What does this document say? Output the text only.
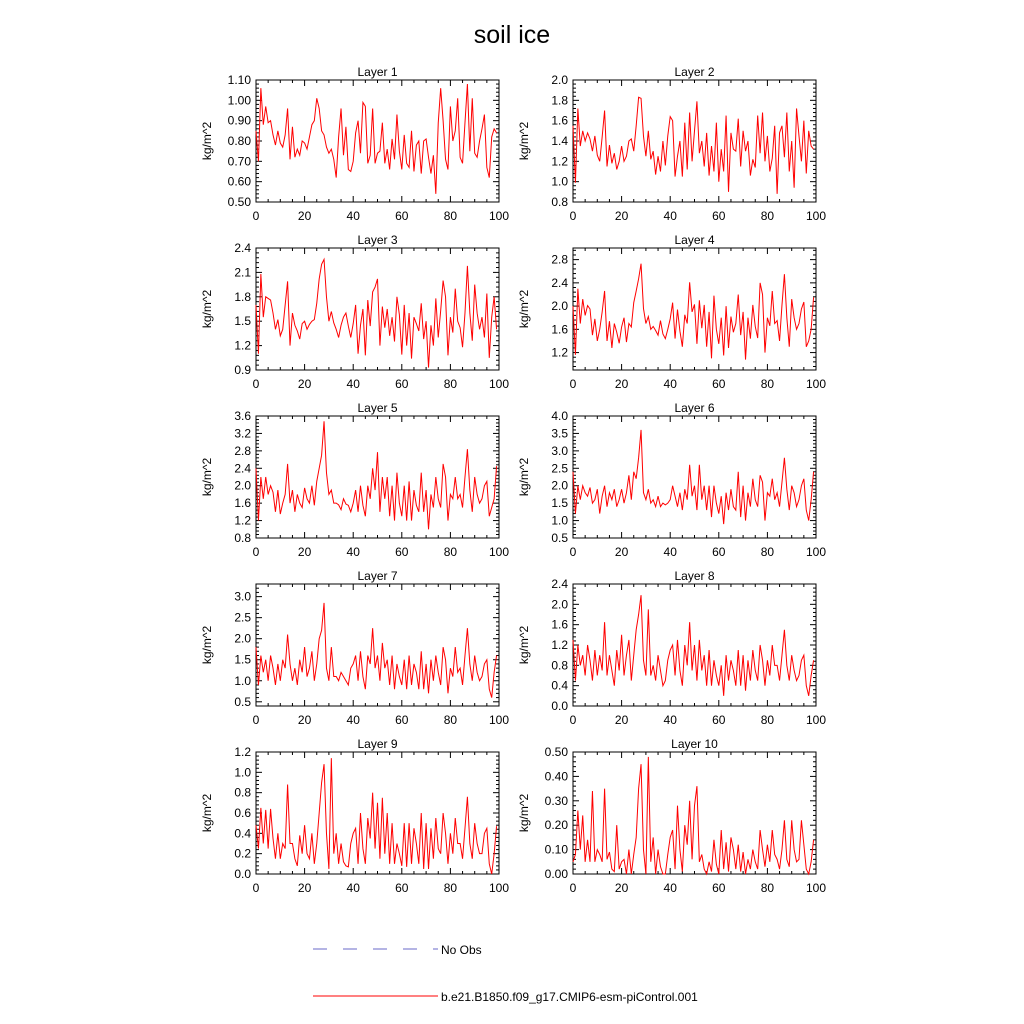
soil ice
Layer 1
0	20	40	60	80	100
0.50
0.60
0.70
0.80
0.90
1.00
1.10
kg/m^2
Layer 2
0	20	40	60	80	100
0.8
1.0
1.2
1.4
1.6
1.8
2.0
kg/m^2
Layer 3
0	20	40	60	80	100
0.9
1.2
1.5
1.8
2.1
2.4
kg/m^2
Layer 4
0	20	40	60	80	100
1.2
1.6
2.0
2.4
2.8
kg/m^2
Layer 5
0	20	40	60	80	100
0.8
1.2
1.6
2.0
2.4
2.8
3.2
3.6
kg/m^2
Layer 6
0	20	40	60	80	100
0.5
1.0
1.5
2.0
2.5
3.0
3.5
4.0
kg/m^2
Layer 7
0	20	40	60	80	100
0.5
1.0
1.5
2.0
2.5
3.0
kg/m^2
Layer 8
0	20	40	60	80	100
0.0
0.4
0.8
1.2
1.6
2.0
2.4
kg/m^2
Layer 9
0	20	40	60	80	100
0.0
0.2
0.4
0.6
0.8
1.0
1.2
kg/m^2
Layer 10
0	20	40	60	80	100
0.00
0.10
0.20
0.30
0.40
0.50
kg/m^2
No Obs
b.e21.B1850.f09_g17.CMIP6-esm-piControl.001
